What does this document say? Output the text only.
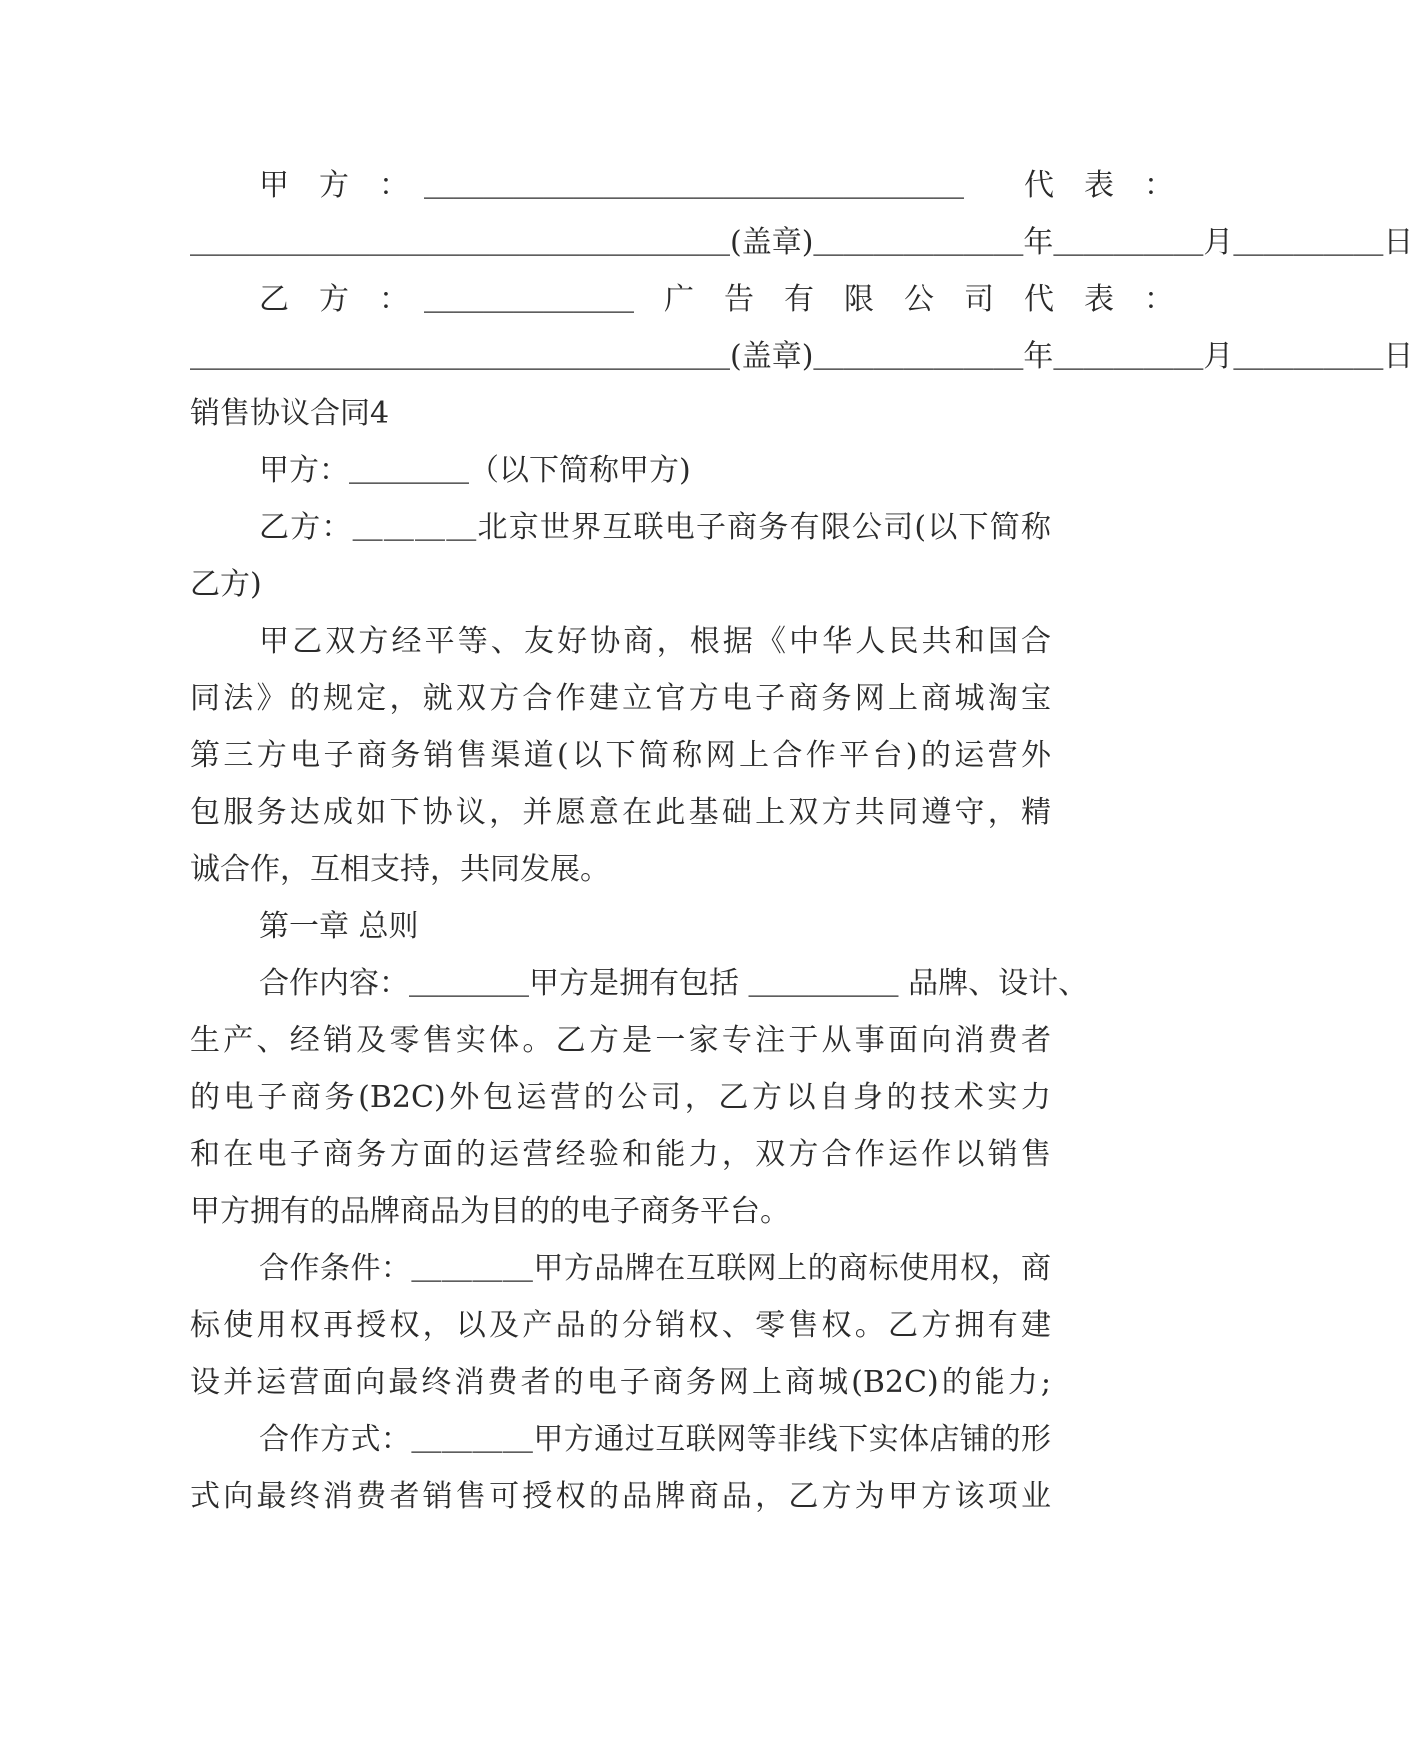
甲　方　：　＿＿＿＿＿＿＿＿＿＿＿＿＿＿＿＿＿＿　　代　表　：
＿＿＿＿＿＿＿＿＿＿＿＿＿＿＿＿＿＿(盖章)＿＿＿＿＿＿＿年＿＿＿＿＿月＿＿＿＿＿日
乙　方　：　＿＿＿＿＿＿＿　广　告　有　限　公　司　代　表　：
＿＿＿＿＿＿＿＿＿＿＿＿＿＿＿＿＿＿(盖章)＿＿＿＿＿＿＿年＿＿＿＿＿月＿＿＿＿＿日
销售协议合同4
甲方：＿＿＿＿（以下简称甲方)
乙方：＿＿＿＿北京世界互联电子商务有限公司(以下简称
乙方)
甲乙双方经平等、友好协商，根据《中华人民共和国合
同法》的规定，就双方合作建立官方电子商务网上商城淘宝
第三方电子商务销售渠道(以下简称网上合作平台)的运营外
包服务达成如下协议，并愿意在此基础上双方共同遵守，精
诚合作，互相支持，共同发展。
第一章 总则
合作内容：＿＿＿＿甲方是拥有包括 ＿＿＿＿＿ 品牌、设计、
生产、经销及零售实体。乙方是一家专注于从事面向消费者
的电子商务(B2C)外包运营的公司，乙方以自身的技术实力
和在电子商务方面的运营经验和能力，双方合作运作以销售
甲方拥有的品牌商品为目的的电子商务平台。
合作条件：＿＿＿＿甲方品牌在互联网上的商标使用权，商
标使用权再授权，以及产品的分销权、零售权。乙方拥有建
设并运营面向最终消费者的电子商务网上商城(B2C)的能力;
合作方式：＿＿＿＿甲方通过互联网等非线下实体店铺的形
式向最终消费者销售可授权的品牌商品，乙方为甲方该项业
